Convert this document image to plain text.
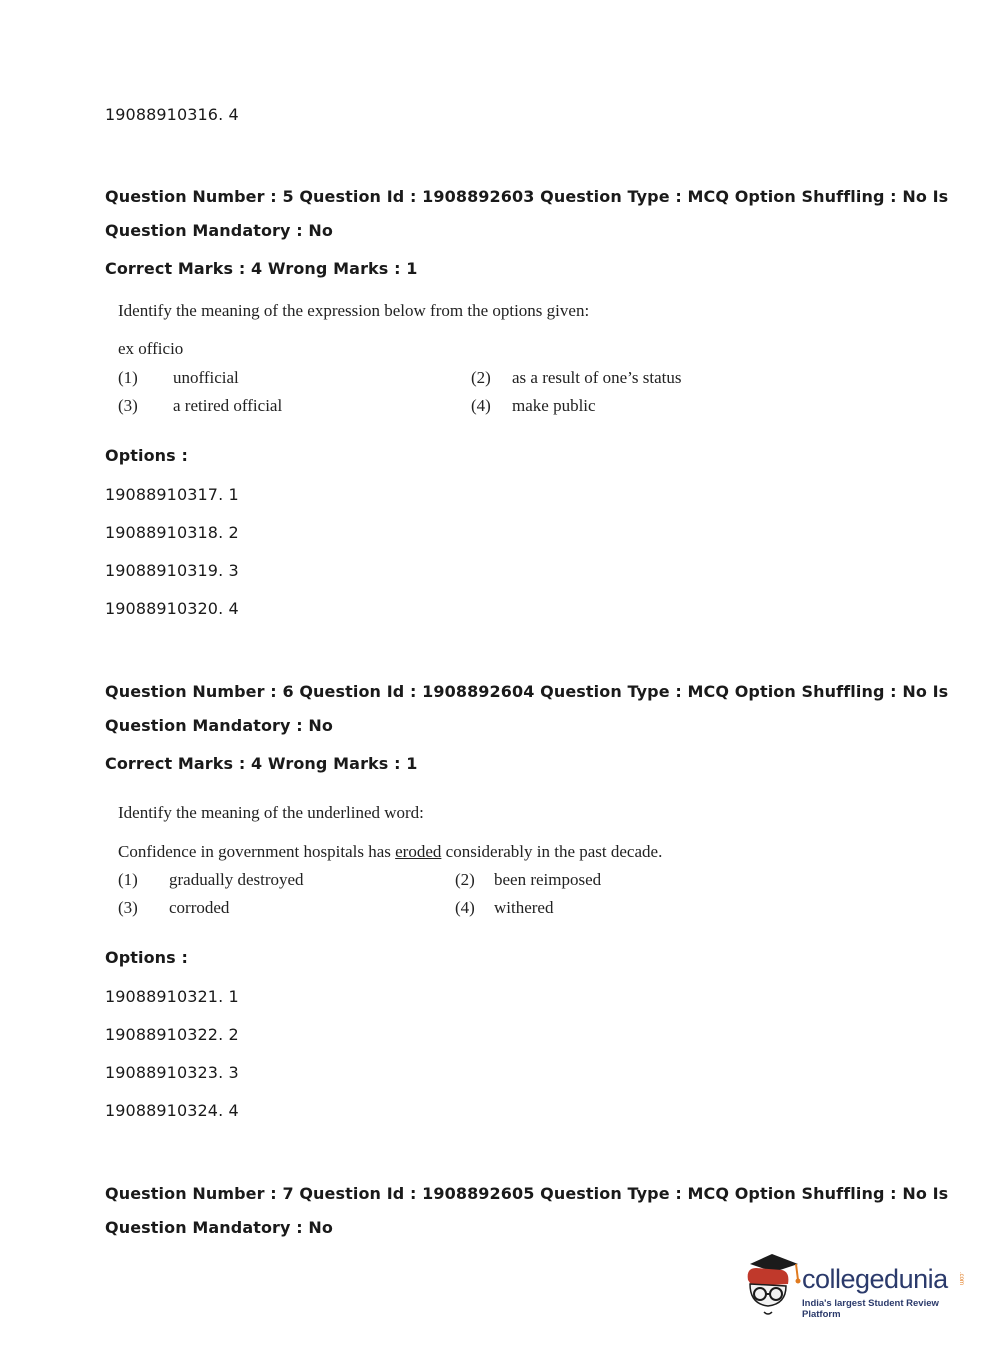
19088910316. 4
Question Number : 5 Question Id : 1908892603 Question Type : MCQ Option Shuffling : No Is
Question Mandatory : No
Correct Marks : 4 Wrong Marks : 1
Identify the meaning of the expression below from the options given:
ex officio
(1) unofficial	(2) as a result of one’s status
(3) a retired official	(4) make public
Options :
19088910317. 1
19088910318. 2
19088910319. 3
19088910320. 4
Question Number : 6 Question Id : 1908892604 Question Type : MCQ Option Shuffling : No Is
Question Mandatory : No
Correct Marks : 4 Wrong Marks : 1
Identify the meaning of the underlined word:
Confidence in government hospitals has eroded considerably in the past decade.
(1) gradually destroyed	(2) been reimposed
(3) corroded	(4) withered
Options :
19088910321. 1
19088910322. 2
19088910323. 3
19088910324. 4
Question Number : 7 Question Id : 1908892605 Question Type : MCQ Option Shuffling : No Is
Question Mandatory : No
collegedunia .com
India's largest Student Review Platform
